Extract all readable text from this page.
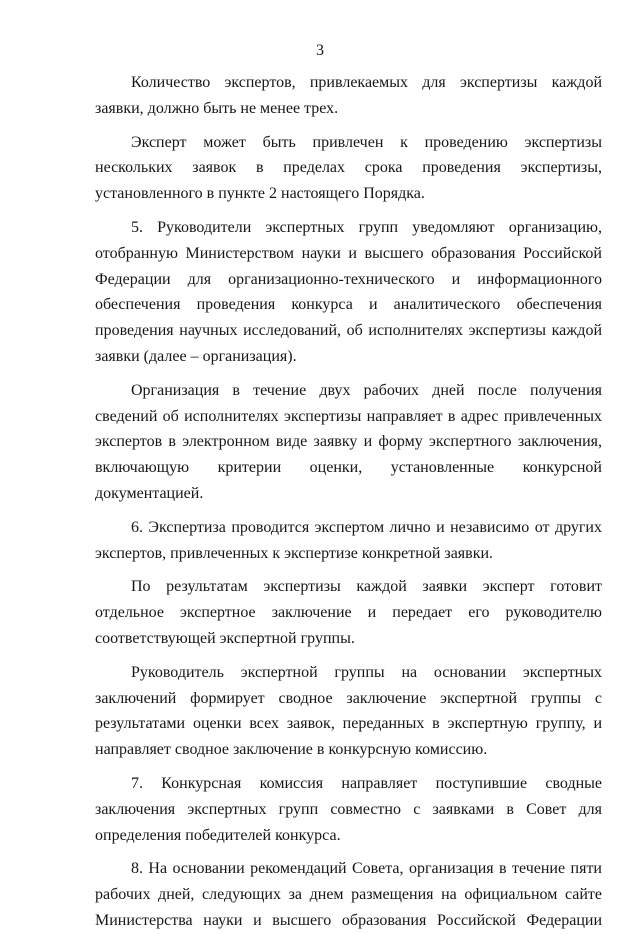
3

Количество экспертов, привлекаемых для экспертизы каждой заявки, должно быть не менее трех.

Эксперт может быть привлечен к проведению экспертизы нескольких заявок в пределах срока проведения экспертизы, установленного в пункте 2 настоящего Порядка.

5. Руководители экспертных групп уведомляют организацию, отобранную Министерством науки и высшего образования Российской Федерации для организационно-технического и информационного обеспечения проведения конкурса и аналитического обеспечения проведения научных исследований, об исполнителях экспертизы каждой заявки (далее – организация).

Организация в течение двух рабочих дней после получения сведений об исполнителях экспертизы направляет в адрес привлеченных экспертов в электронном виде заявку и форму экспертного заключения, включающую критерии оценки, установленные конкурсной документацией.

6. Экспертиза проводится экспертом лично и независимо от других экспертов, привлеченных к экспертизе конкретной заявки.

По результатам экспертизы каждой заявки эксперт готовит отдельное экспертное заключение и передает его руководителю соответствующей экспертной группы.

Руководитель экспертной группы на основании экспертных заключений формирует сводное заключение экспертной группы с результатами оценки всех заявок, переданных в экспертную группу, и направляет сводное заключение в конкурсную комиссию.

7. Конкурсная комиссия направляет поступившие сводные заключения экспертных групп совместно с заявками в Совет для определения победителей конкурса.

8. На основании рекомендаций Совета, организация в течение пяти рабочих дней, следующих за днем размещения на официальном сайте Министерства науки и высшего образования Российской Федерации
